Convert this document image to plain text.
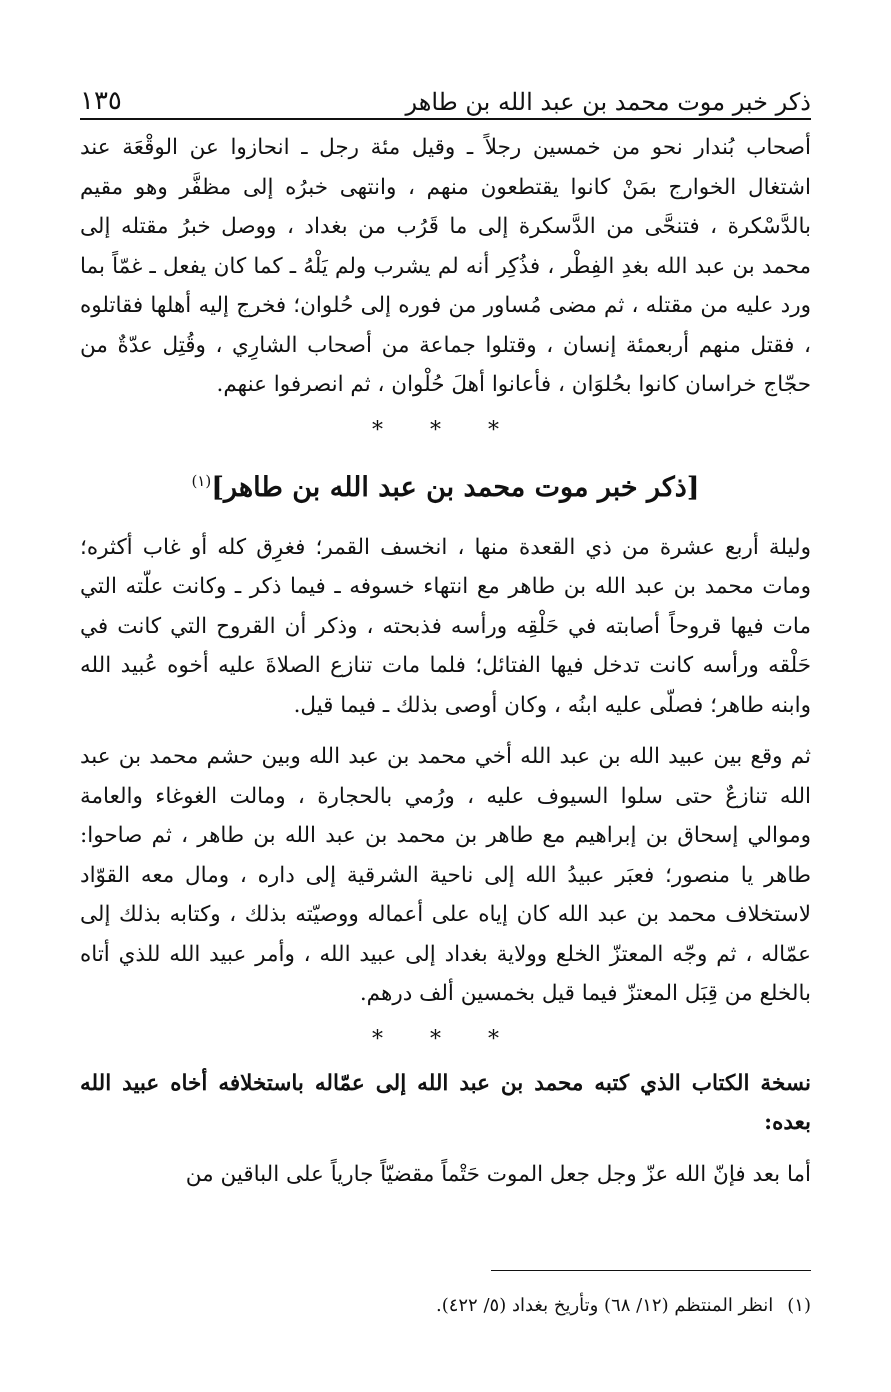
ذكر خبر موت محمد بن عبد الله بن طاهر
١٣٥

أصحاب بُندار نحو من خمسين رجلاً ـ وقيل مئة رجل ـ انحازوا عن الوقْعَة عند اشتغال الخوارج بمَنْ كانوا يقتطعون منهم ، وانتهى خبرُه إلى مظفَّر وهو مقيم بالدَّسْكرة ، فتنحَّى من الدَّسكرة إلى ما قَرُب من بغداد ، ووصل خبرُ مقتله إلى محمد بن عبد الله بغدِ الفِطْر ، فذُكِر أنه لم يشرب ولم يَلْهُ ـ كما كان يفعل ـ غمّاً بما ورد عليه من مقتله ، ثم مضى مُساور من فوره إلى حُلوان؛ فخرج إليه أهلها فقاتلوه ، فقتل منهم أربعمئة إنسان ، وقتلوا جماعة من أصحاب الشارِي ، وقُتِل عدّةٌ من حجّاج خراسان كانوا بحُلوَان ، فأعانوا أهلَ حُلْوان ، ثم انصرفوا عنهم.

* * *
[ذكر خبر موت محمد بن عبد الله بن طاهر]$^{(١)}$

وليلة أربع عشرة من ذي القعدة منها ، انخسف القمر؛ فغرِق كله أو غاب أكثره؛ ومات محمد بن عبد الله بن طاهر مع انتهاء خسوفه ـ فيما ذكر ـ وكانت علّته التي مات فيها قروحاً أصابته في حَلْقِه ورأسه فذبحته ، وذكر أن القروح التي كانت في حَلْقه ورأسه كانت تدخل فيها الفتائل؛ فلما مات تنازع الصلاةَ عليه أخوه عُبيد الله وابنه طاهر؛ فصلّى عليه ابنُه ، وكان أوصى بذلك ـ فيما قيل.

ثم وقع بين عبيد الله بن عبد الله أخي محمد بن عبد الله وبين حشم محمد بن عبد الله تنازعٌ حتى سلوا السيوف عليه ، ورُمي بالحجارة ، ومالت الغوغاء والعامة وموالي إسحاق بن إبراهيم مع طاهر بن محمد بن عبد الله بن طاهر ، ثم صاحوا: طاهر يا منصور؛ فعبَر عبيدُ الله إلى ناحية الشرقية إلى داره ، ومال معه القوّاد لاستخلاف محمد بن عبد الله كان إياه على أعماله ووصيّته بذلك ، وكتابه بذلك إلى عمّاله ، ثم وجّه المعتزّ الخلع وولاية بغداد إلى عبيد الله ، وأمر عبيد الله للذي أتاه بالخلع من قِبَل المعتزّ فيما قيل بخمسين ألف درهم.

* * *

نسخة الكتاب الذي كتبه محمد بن عبد الله إلى عمّاله باستخلافه أخاه عبيد الله بعده:

أما بعد فإنّ الله عزّ وجل جعل الموت حَتْماً مقضيّاً جارياً على الباقين من

(١)انظر المنتظم (١٢/ ٦٨) وتأريخ بغداد (٥/ ٤٢٢).
